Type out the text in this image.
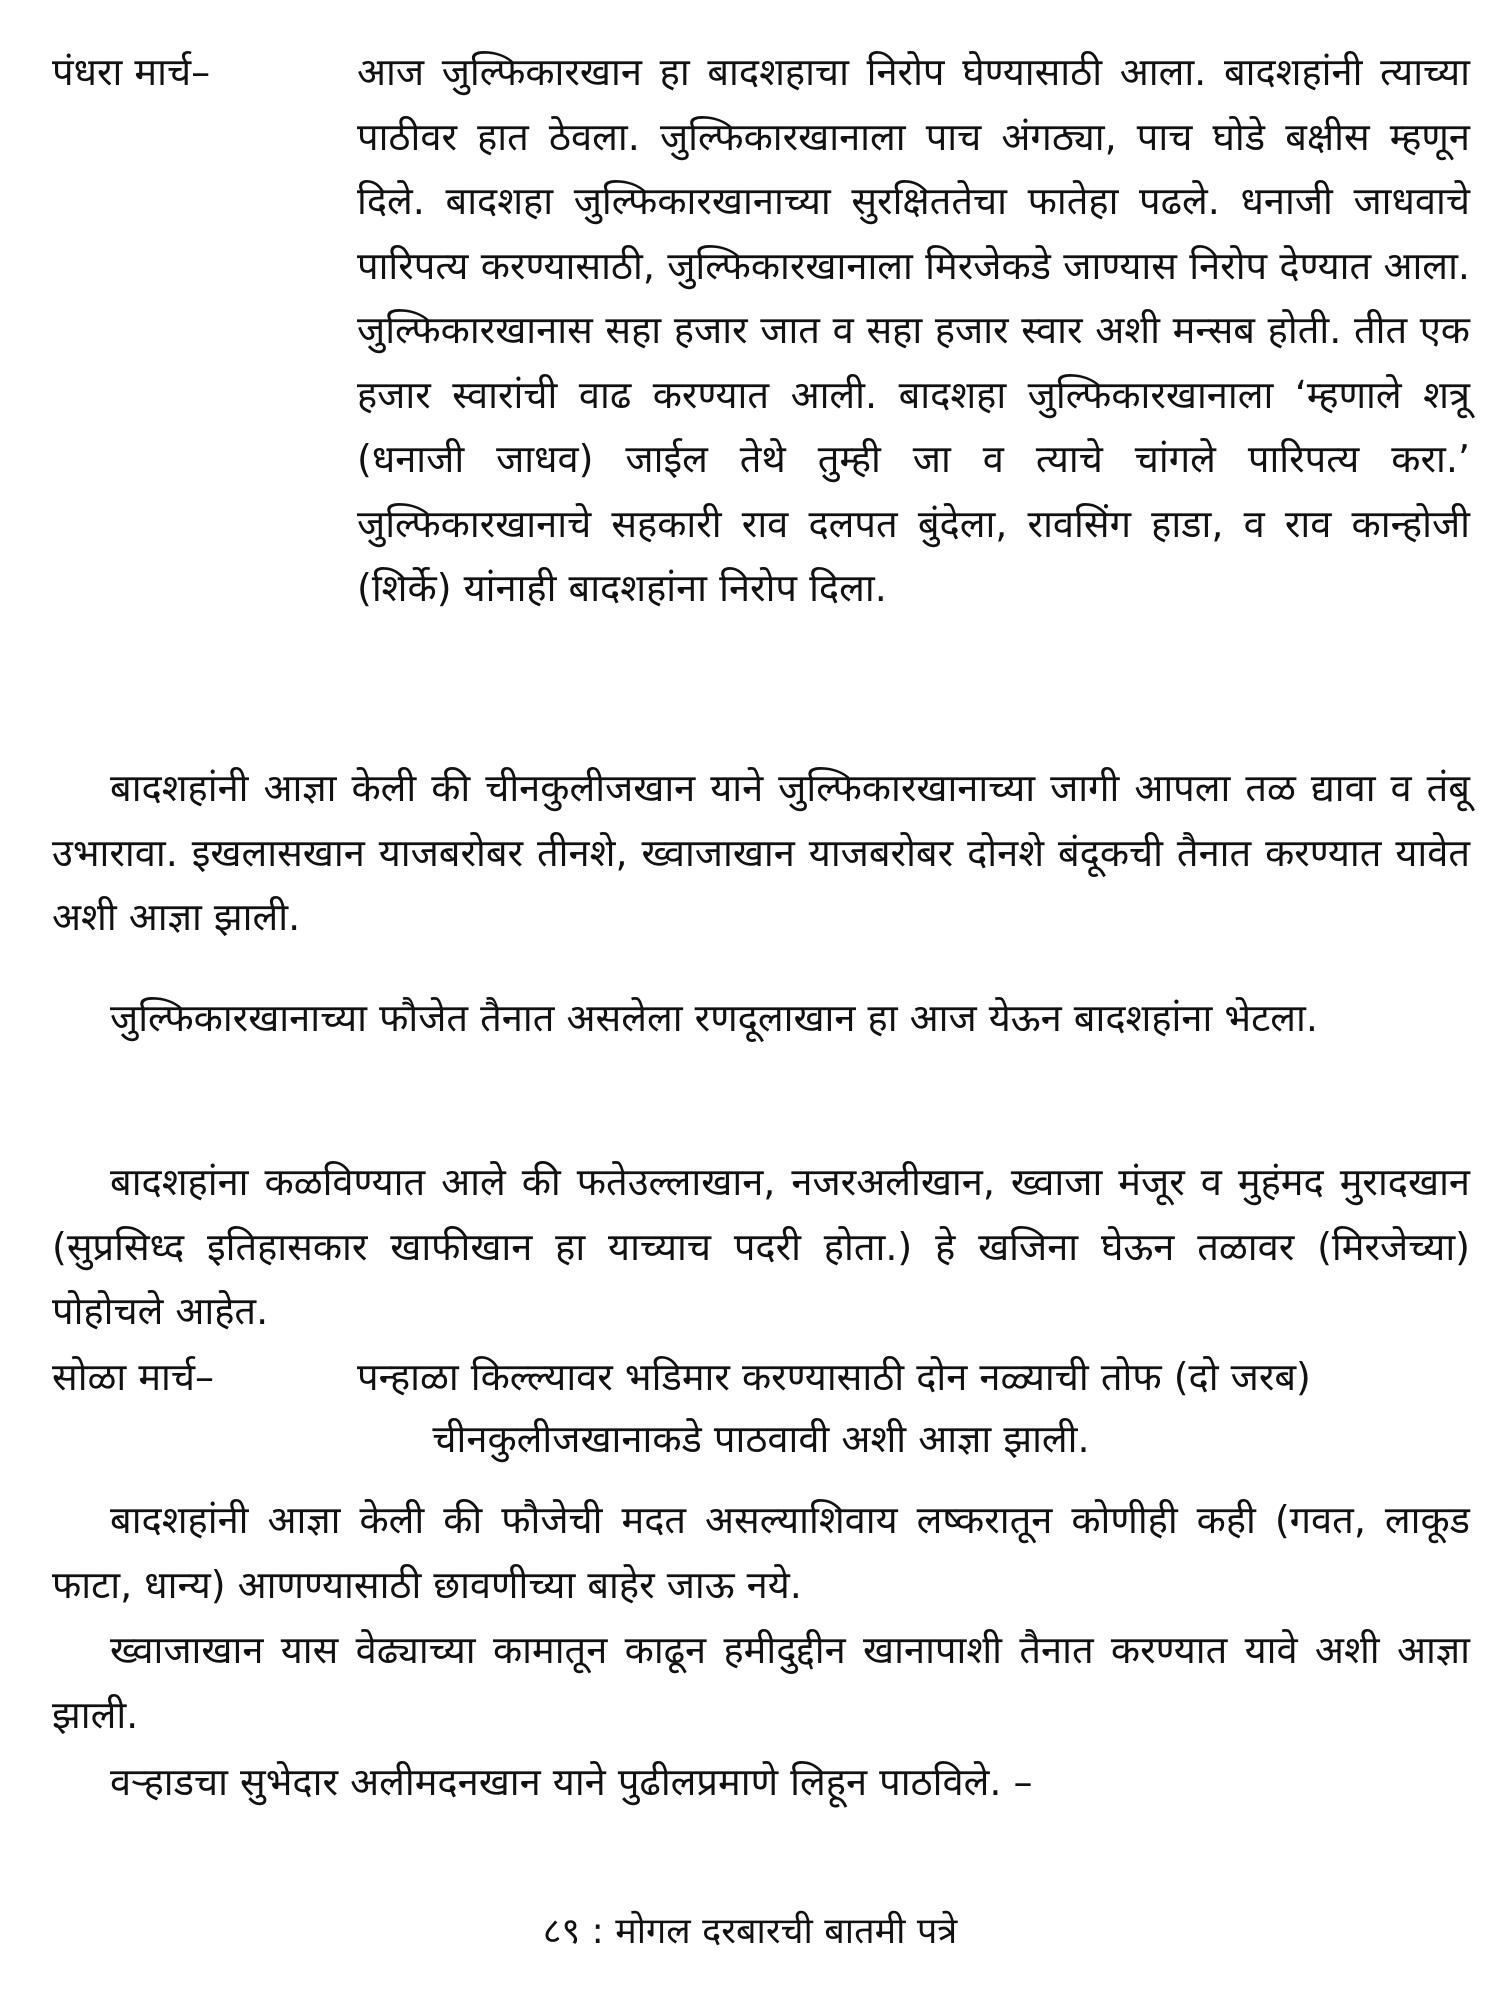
पंधरा मार्च–	आज जुल्फिकारखान हा बादशहाचा निरोप घेण्यासाठी आला. बादशहांनी त्याच्या पाठीवर हात ठेवला. जुल्फिकारखानाला पाच अंगठ्या, पाच घोडे बक्षीस म्हणून दिले. बादशहा जुल्फिकारखानाच्या सुरक्षिततेचा फातेहा पढले. धनाजी जाधवाचे पारिपत्य करण्यासाठी, जुल्फिकारखानाला मिरजेकडे जाण्यास निरोप देण्यात आला. जुल्फिकारखानास सहा हजार जात व सहा हजार स्वार अशी मन्सब होती. तीत एक हजार स्वारांची वाढ करण्यात आली. बादशहा जुल्फिकारखानाला ‘म्हणाले शत्रू (धनाजी जाधव) जाईल तेथे तुम्ही जा व त्याचे चांगले पारिपत्य करा.’ जुल्फिकारखानाचे सहकारी राव दलपत बुंदेला, रावसिंग हाडा, व राव कान्होजी (शिर्के) यांनाही बादशहांना निरोप दिला.

बादशहांनी आज्ञा केली की चीनकुलीजखान याने जुल्फिकारखानाच्या जागी आपला तळ द्यावा व तंबू उभारावा. इखलासखान याजबरोबर तीनशे, ख्वाजाखान याजबरोबर दोनशे बंदूकची तैनात करण्यात यावेत अशी आज्ञा झाली.

जुल्फिकारखानाच्या फौजेत तैनात असलेला रणदूलाखान हा आज येऊन बादशहांना भेटला.

बादशहांना कळविण्यात आले की फतेउल्लाखान, नजरअलीखान, ख्वाजा मंजूर व मुहंमद मुरादखान (सुप्रसिध्द इतिहासकार खाफीखान हा याच्याच पदरी होता.) हे खजिना घेऊन तळावर (मिरजेच्या) पोहोचले आहेत.

सोळा मार्च–	पन्हाळा किल्ल्यावर भडिमार करण्यासाठी दोन नळ्याची तोफ (दो जरब)

चीनकुलीजखानाकडे पाठवावी अशी आज्ञा झाली.

बादशहांनी आज्ञा केली की फौजेची मदत असल्याशिवाय लष्करातून कोणीही कही (गवत, लाकूड फाटा, धान्य) आणण्यासाठी छावणीच्या बाहेर जाऊ नये.

ख्वाजाखान यास वेढ्याच्या कामातून काढून हमीदुद्दीन खानापाशी तैनात करण्यात यावे अशी आज्ञा झाली.

वऱ्हाडचा सुभेदार अलीमदनखान याने पुढीलप्रमाणे लिहून पाठविले. –

८९ : मोगल दरबारची बातमी पत्रे
